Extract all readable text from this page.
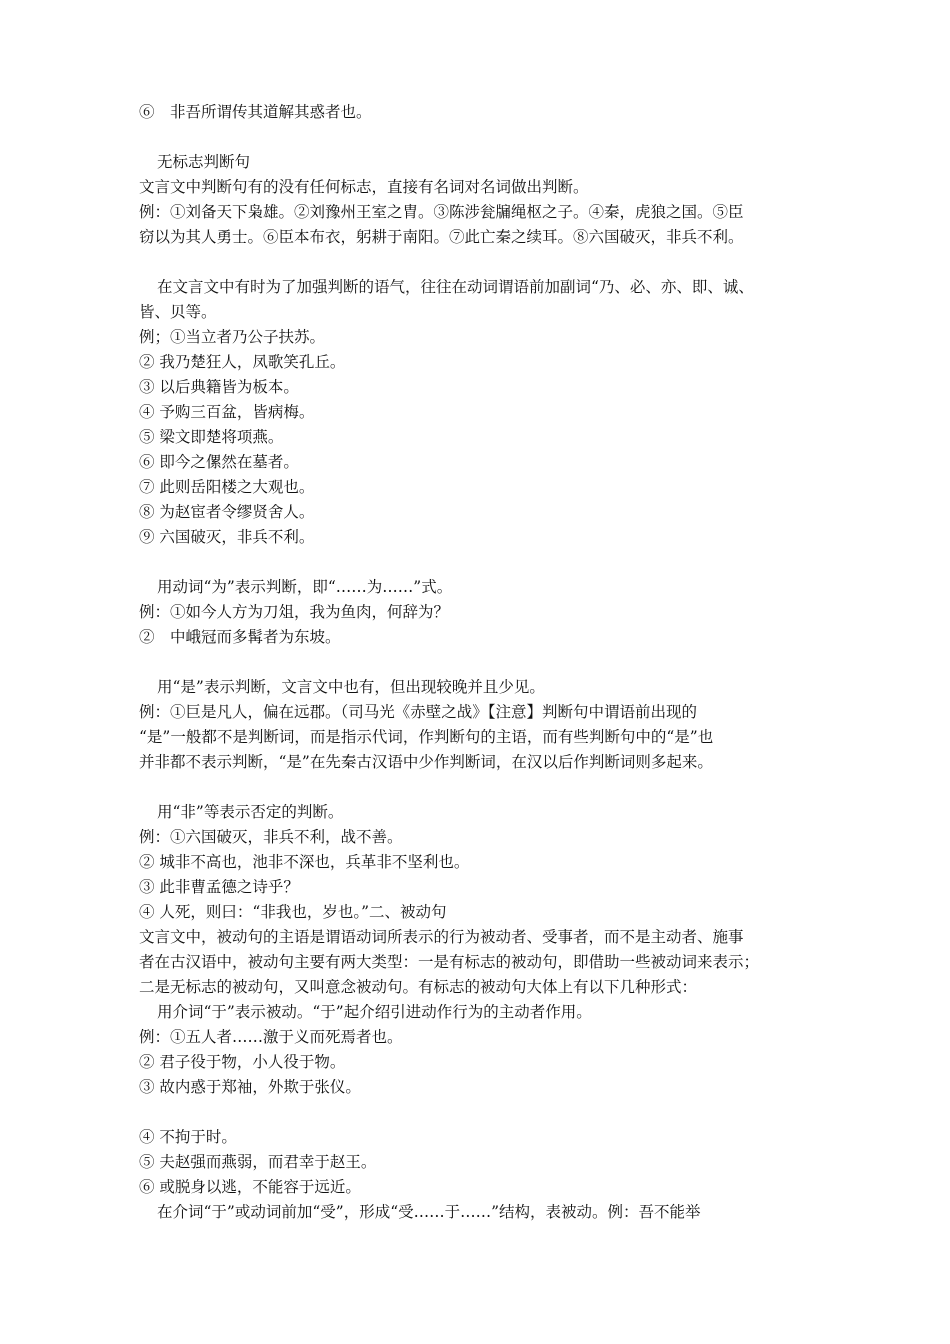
⑥　非吾所谓传其道解其惑者也。
无标志判断句
文言文中判断句有的没有任何标志，直接有名词对名词做出判断。
例：①刘备天下枭雄。②刘豫州王室之胄。③陈涉瓮牖绳枢之子。④秦，虎狼之国。⑤臣
窃以为其人勇士。⑥臣本布衣，躬耕于南阳。⑦此亡秦之续耳。⑧六国破灭，非兵不利。
在文言文中有时为了加强判断的语气，往往在动词谓语前加副词“乃、必、亦、即、诚、
皆、贝等。
例；①当立者乃公子扶苏。
② 我乃楚狂人，凤歌笑孔丘。
③ 以后典籍皆为板本。
④ 予购三百盆，皆病梅。
⑤ 梁文即楚将项燕。
⑥ 即今之傫然在墓者。
⑦ 此则岳阳楼之大观也。
⑧ 为赵宦者令缪贤舍人。
⑨ 六国破灭，非兵不利。
用动词“为”表示判断，即“……为……”式。
例：①如今人方为刀俎，我为鱼肉，何辞为？
②　中峨冠而多髯者为东坡。
用“是”表示判断，文言文中也有，但出现较晚并且少见。
例：①巨是凡人，偏在远郡。（司马光《赤壁之战》【注意】判断句中谓语前出现的
“是”一般都不是判断词，而是指示代词，作判断句的主语，而有些判断句中的“是”也
并非都不表示判断，“是”在先秦古汉语中少作判断词，在汉以后作判断词则多起来。
用“非”等表示否定的判断。
例：①六国破灭，非兵不利，战不善。
② 城非不高也，池非不深也，兵革非不坚利也。
③ 此非曹孟德之诗乎？
④ 人死，则曰：“非我也，岁也。”二、被动句
文言文中，被动句的主语是谓语动词所表示的行为被动者、受事者，而不是主动者、施事
者在古汉语中，被动句主要有两大类型：一是有标志的被动句，即借助一些被动词来表示；
二是无标志的被动句，又叫意念被动句。有标志的被动句大体上有以下几种形式：
用介词“于”表示被动。“于”起介绍引进动作行为的主动者作用。
例：①五人者……激于义而死焉者也。
② 君子役于物，小人役于物。
③ 故内惑于郑袖，外欺于张仪。
④ 不拘于时。
⑤ 夫赵强而燕弱，而君幸于赵王。
⑥ 或脱身以逃，不能容于远近。
在介词“于”或动词前加“受”，形成“受……于……”结构，表被动。例：吾不能举
